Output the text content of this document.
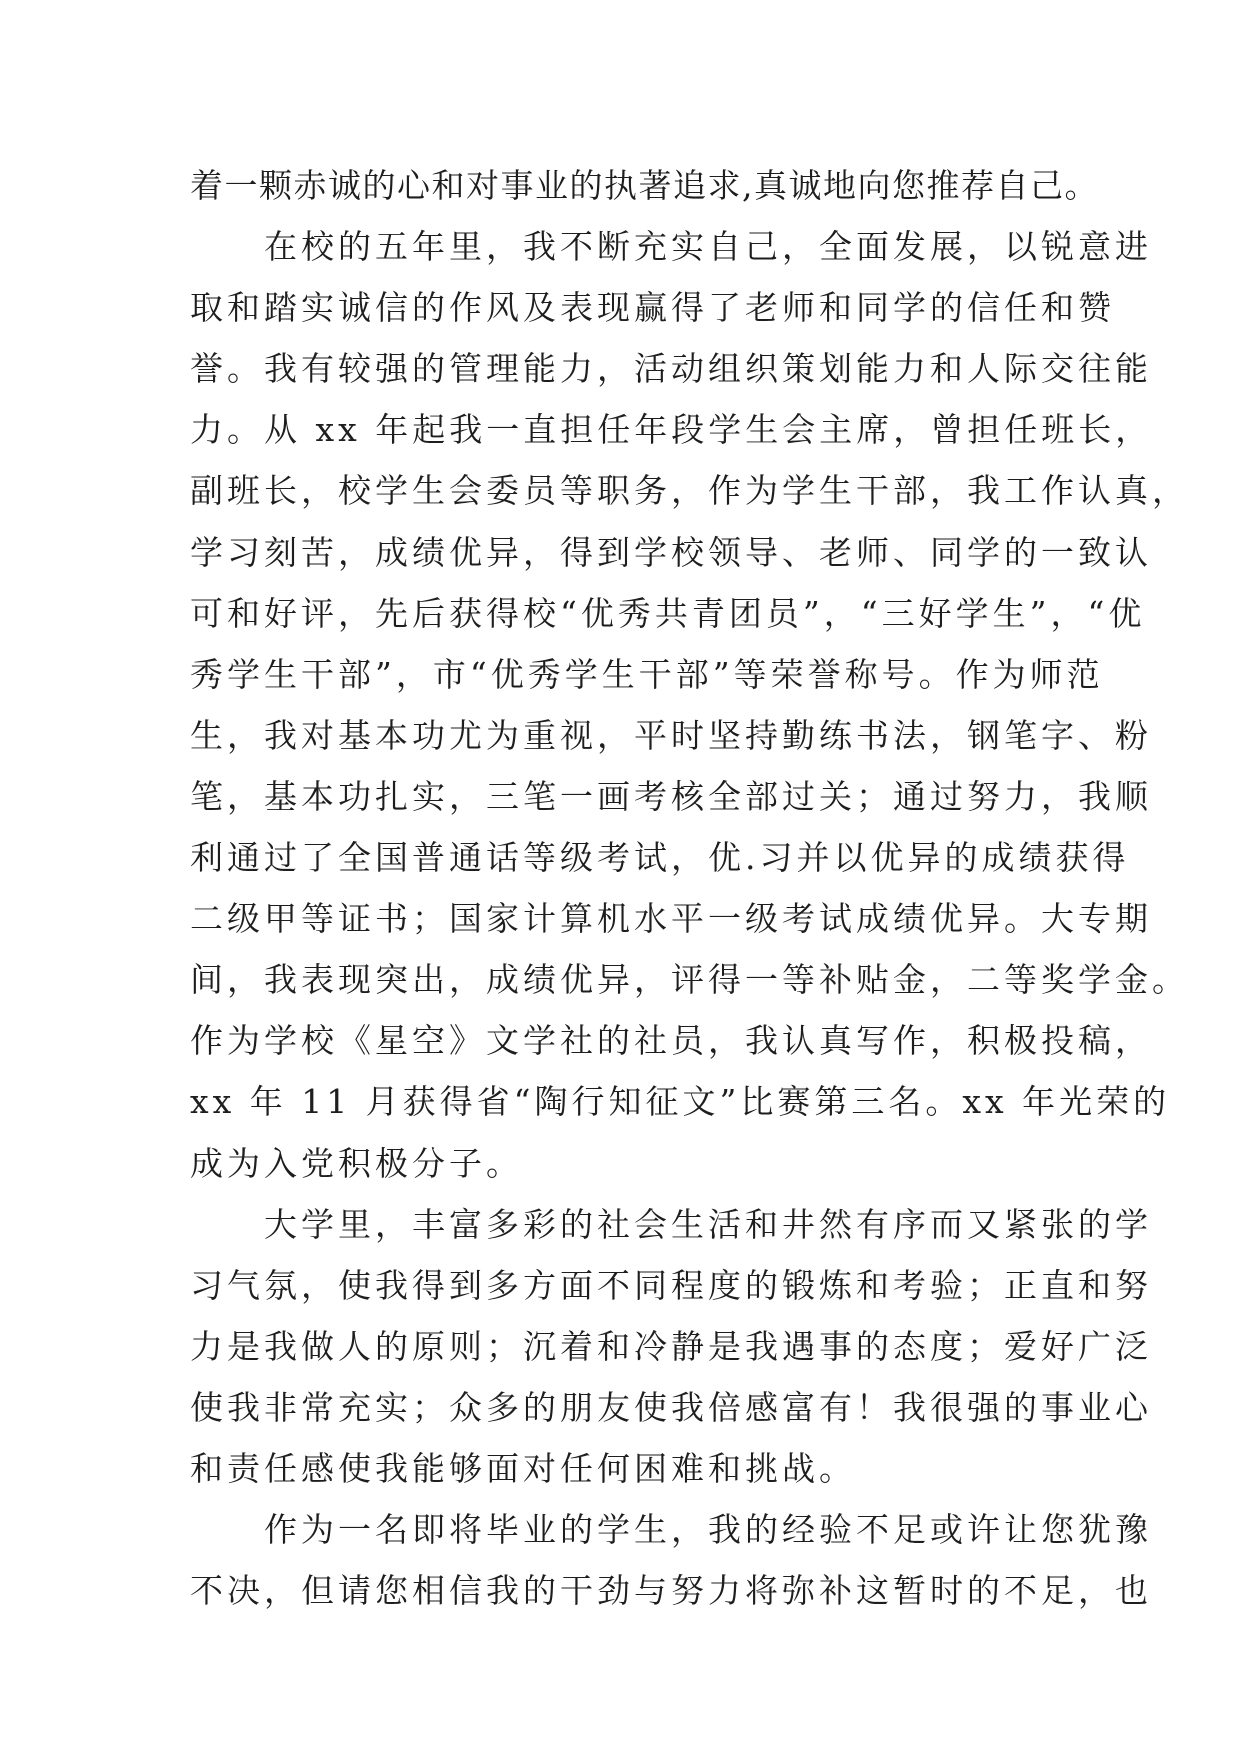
着一颗赤诚的心和对事业的执著追求,真诚地向您推荐自己。
　　在校的五年里，我不断充实自己，全面发展，以锐意进
取和踏实诚信的作风及表现赢得了老师和同学的信任和赞
誉。我有较强的管理能力，活动组织策划能力和人际交往能
力。从 xx 年起我一直担任年段学生会主席，曾担任班长，
副班长，校学生会委员等职务，作为学生干部，我工作认真，
学习刻苦，成绩优异，得到学校领导、老师、同学的一致认
可和好评，先后获得校“优秀共青团员”，“三好学生”，“优
秀学生干部”，市“优秀学生干部”等荣誉称号。作为师范
生，我对基本功尤为重视，平时坚持勤练书法，钢笔字、粉
笔，基本功扎实，三笔一画考核全部过关；通过努力，我顺
利通过了全国普通话等级考试，优.习并以优异的成绩获得
二级甲等证书；国家计算机水平一级考试成绩优异。大专期
间，我表现突出，成绩优异，评得一等补贴金，二等奖学金。
作为学校《星空》文学社的社员，我认真写作，积极投稿，
xx 年 11 月获得省“陶行知征文”比赛第三名。xx 年光荣的
成为入党积极分子。
　　大学里，丰富多彩的社会生活和井然有序而又紧张的学
习气氛，使我得到多方面不同程度的锻炼和考验；正直和努
力是我做人的原则；沉着和冷静是我遇事的态度；爱好广泛
使我非常充实；众多的朋友使我倍感富有！我很强的事业心
和责任感使我能够面对任何困难和挑战。
　　作为一名即将毕业的学生，我的经验不足或许让您犹豫
不决，但请您相信我的干劲与努力将弥补这暂时的不足，也
